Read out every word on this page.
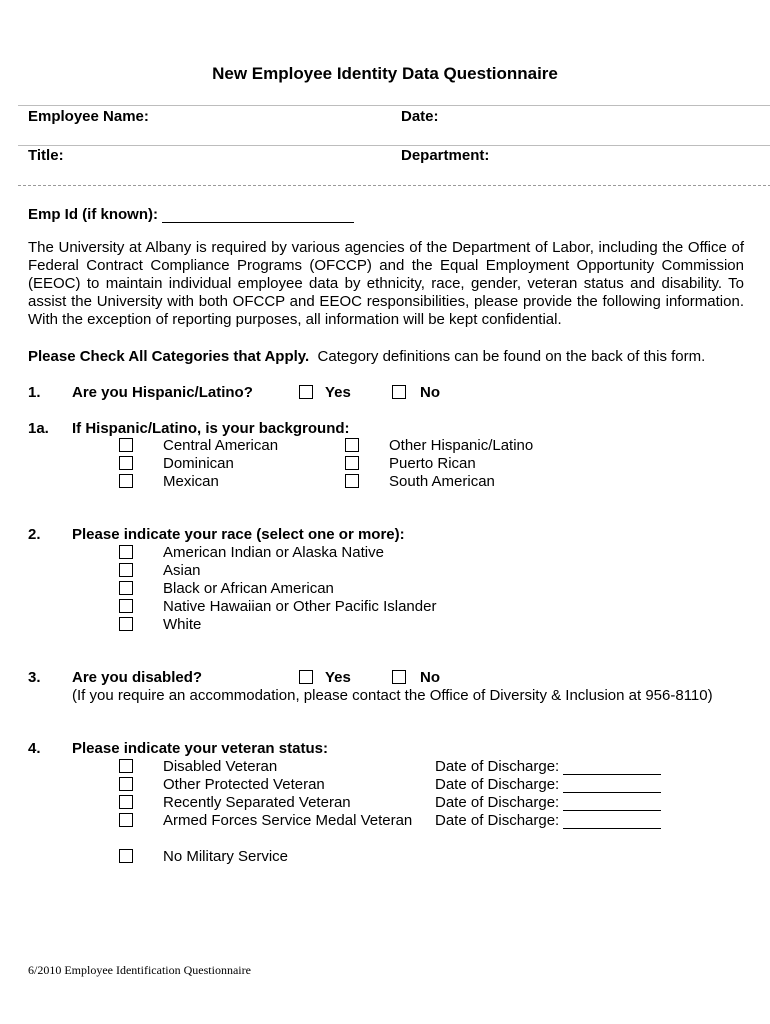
New Employee Identity Data Questionnaire
Employee Name:	Date:
Title:	Department:
Emp Id (if known):
The University at Albany is required by various agencies of the Department of Labor, including the Office of Federal Contract Compliance Programs (OFCCP) and the Equal Employment Opportunity Commission (EEOC) to maintain individual employee data by ethnicity, race, gender, veteran status and disability. To assist the University with both OFCCP and EEOC responsibilities, please provide the following information. With the exception of reporting purposes, all information will be kept confidential.
Please Check All Categories that Apply. Category definitions can be found on the back of this form.
1. Are you Hispanic/Latino?	Yes	No
1a. If Hispanic/Latino, is your background:
Central American
Dominican
Mexican
Other Hispanic/Latino
Puerto Rican
South American
2. Please indicate your race (select one or more):
American Indian or Alaska Native
Asian
Black or African American
Native Hawaiian or Other Pacific Islander
White
3. Are you disabled?	Yes	No
(If you require an accommodation, please contact the Office of Diversity & Inclusion at 956-8110)
4. Please indicate your veteran status:
Disabled Veteran	Date of Discharge:
Other Protected Veteran	Date of Discharge:
Recently Separated Veteran	Date of Discharge:
Armed Forces Service Medal Veteran Date of Discharge:
No Military Service
6/2010 Employee Identification Questionnaire
